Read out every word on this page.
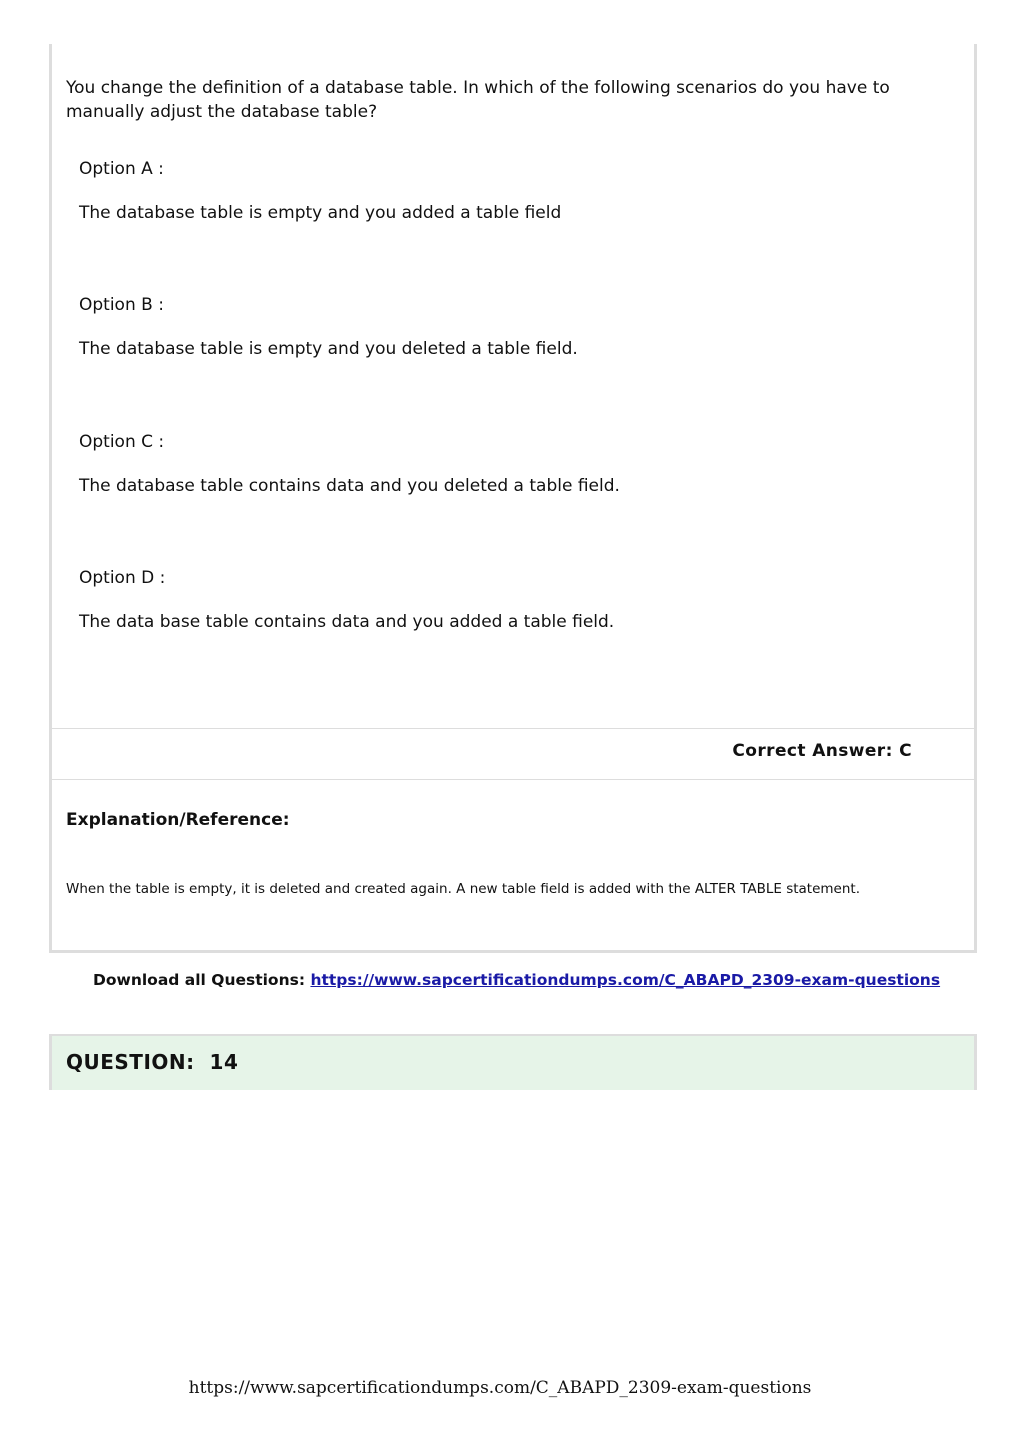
You change the definition of a database table. In which of the following scenarios do you have to manually adjust the database table?

Option A :

The database table is empty and you added a table field

Option B :

The database table is empty and you deleted a table field.

Option C :

The database table contains data and you deleted a table field.

Option D :

The data base table contains data and you added a table field.

Correct Answer: C

Explanation/Reference:

When the table is empty, it is deleted and created again. A new table field is added with the ALTER TABLE statement.

Download all Questions: https://www.sapcertificationdumps.com/C_ABAPD_2309-exam-questions

QUESTION:  14

https://www.sapcertificationdumps.com/C_ABAPD_2309-exam-questions
